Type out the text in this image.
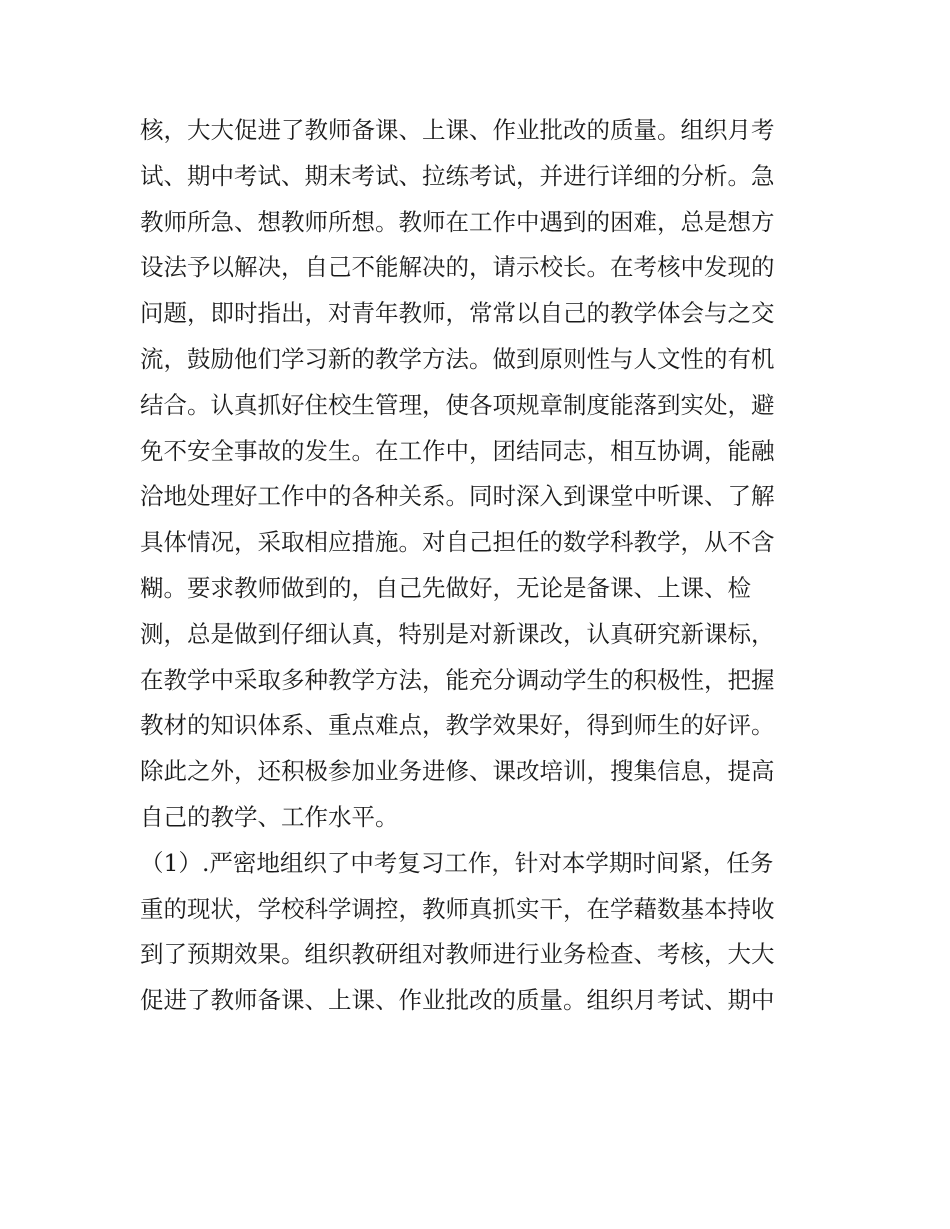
核，大大促进了教师备课、上课、作业批改的质量。组织月考
试、期中考试、期末考试、拉练考试，并进行详细的分析。急
教师所急、想教师所想。教师在工作中遇到的困难，总是想方
设法予以解决，自己不能解决的，请示校长。在考核中发现的
问题，即时指出，对青年教师，常常以自己的教学体会与之交
流，鼓励他们学习新的教学方法。做到原则性与人文性的有机
结合。认真抓好住校生管理，使各项规章制度能落到实处，避
免不安全事故的发生。在工作中，团结同志，相互协调，能融
洽地处理好工作中的各种关系。同时深入到课堂中听课、了解
具体情况，采取相应措施。对自己担任的数学科教学，从不含
糊。要求教师做到的，自己先做好，无论是备课、上课、检
测，总是做到仔细认真，特别是对新课改，认真研究新课标，
在教学中采取多种教学方法，能充分调动学生的积极性，把握
教材的知识体系、重点难点，教学效果好，得到师生的好评。
除此之外，还积极参加业务进修、课改培训，搜集信息，提高
自己的教学、工作水平。
（1）.严密地组织了中考复习工作，针对本学期时间紧，任务
重的现状，学校科学调控，教师真抓实干，在学藉数基本持收
到了预期效果。组织教研组对教师进行业务检查、考核，大大
促进了教师备课、上课、作业批改的质量。组织月考试、期中
